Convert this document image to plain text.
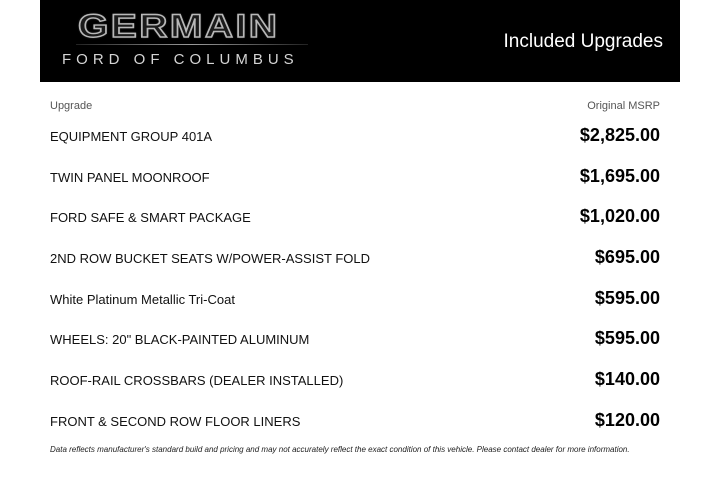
GERMAIN
FORD OF COLUMBUS
Included Upgrades
Upgrade	Original MSRP
EQUIPMENT GROUP 401A	$2,825.00
TWIN PANEL MOONROOF	$1,695.00
FORD SAFE & SMART PACKAGE	$1,020.00
2ND ROW BUCKET SEATS W/POWER-ASSIST FOLD	$695.00
White Platinum Metallic Tri-Coat	$595.00
WHEELS: 20" BLACK-PAINTED ALUMINUM	$595.00
ROOF-RAIL CROSSBARS (DEALER INSTALLED)	$140.00
FRONT & SECOND ROW FLOOR LINERS	$120.00
Data reflects manufacturer's standard build and pricing and may not accurately reflect the exact condition of this vehicle. Please contact dealer for more information.
